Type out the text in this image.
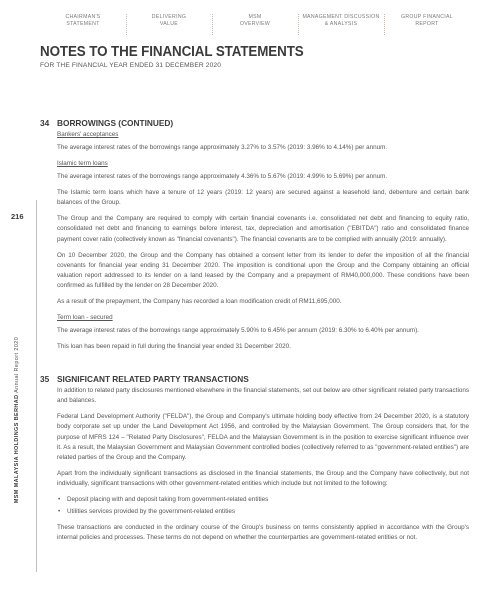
CHAIRMAN'S
STATEMENT
DELIVERING
VALUE
MSM
OVERVIEW
MANAGEMENT DISCUSSION
& ANALYSIS
GROUP FINANCIAL
REPORT
NOTES TO THE FINANCIAL STATEMENTS
FOR THE FINANCIAL YEAR ENDED 31 DECEMBER 2020
216
MSM MALAYSIA HOLDINGS BERHAD Annual Report 2020
34 BORROWINGS (CONTINUED)

Bankers' acceptances

The average interest rates of the borrowings range approximately 3.27% to 3.57% (2019: 3.96% to 4.14%) per annum.

Islamic term loans

The average interest rates of the borrowings range approximately 4.36% to 5.67% (2019: 4.99% to 5.69%) per annum.

The Islamic term loans which have a tenure of 12 years (2019: 12 years) are secured against a leasehold land, debenture and certain bank balances of the Group.

The Group and the Company are required to comply with certain financial covenants i.e. consolidated net debt and financing to equity ratio, consolidated net debt and financing to earnings before interest, tax, depreciation and amortisation ("EBITDA") ratio and consolidated finance payment cover ratio (collectively known as "financial covenants"). The financial covenants are to be complied with annually (2019: annually).

On 10 December 2020, the Group and the Company has obtained a consent letter from its lender to defer the imposition of all the financial covenants for financial year ending 31 December 2020. The imposition is conditional upon the Group and the Company obtaining an official valuation report addressed to its lender on a land leased by the Company and a prepayment of RM40,000,000. These conditions have been confirmed as fulfilled by the lender on 28 December 2020.

As a result of the prepayment, the Company has recorded a loan modification credit of RM11,695,000.

Term loan - secured

The average interest rates of the borrowings range approximately 5.90% to 6.45% per annum (2019: 6.30% to 6.40% per annum).

This loan has been repaid in full during the financial year ended 31 December 2020.

35 SIGNIFICANT RELATED PARTY TRANSACTIONS

In addition to related party disclosures mentioned elsewhere in the financial statements, set out below are other significant related party transactions and balances.

Federal Land Development Authority ("FELDA"), the Group and Company's ultimate holding body effective from 24 December 2020, is a statutory body corporate set up under the Land Development Act 1956, and controlled by the Malaysian Government. The Group considers that, for the purpose of MFRS 124 – "Related Party Disclosures", FELDA and the Malaysian Government is in the position to exercise significant influence over it. As a result, the Malaysian Government and Malaysian Government controlled bodies (collectively referred to as "government-related entities") are related parties of the Group and the Company.

Apart from the individually significant transactions as disclosed in the financial statements, the Group and the Company have collectively, but not individually, significant transactions with other government-related entities which include but not limited to the following:

• Deposit placing with and deposit taking from government-related entities
• Utilities services provided by the government-related entities

These transactions are conducted in the ordinary course of the Group's business on terms consistently applied in accordance with the Group's internal policies and processes. These terms do not depend on whether the counterparties are government-related entities or not.
